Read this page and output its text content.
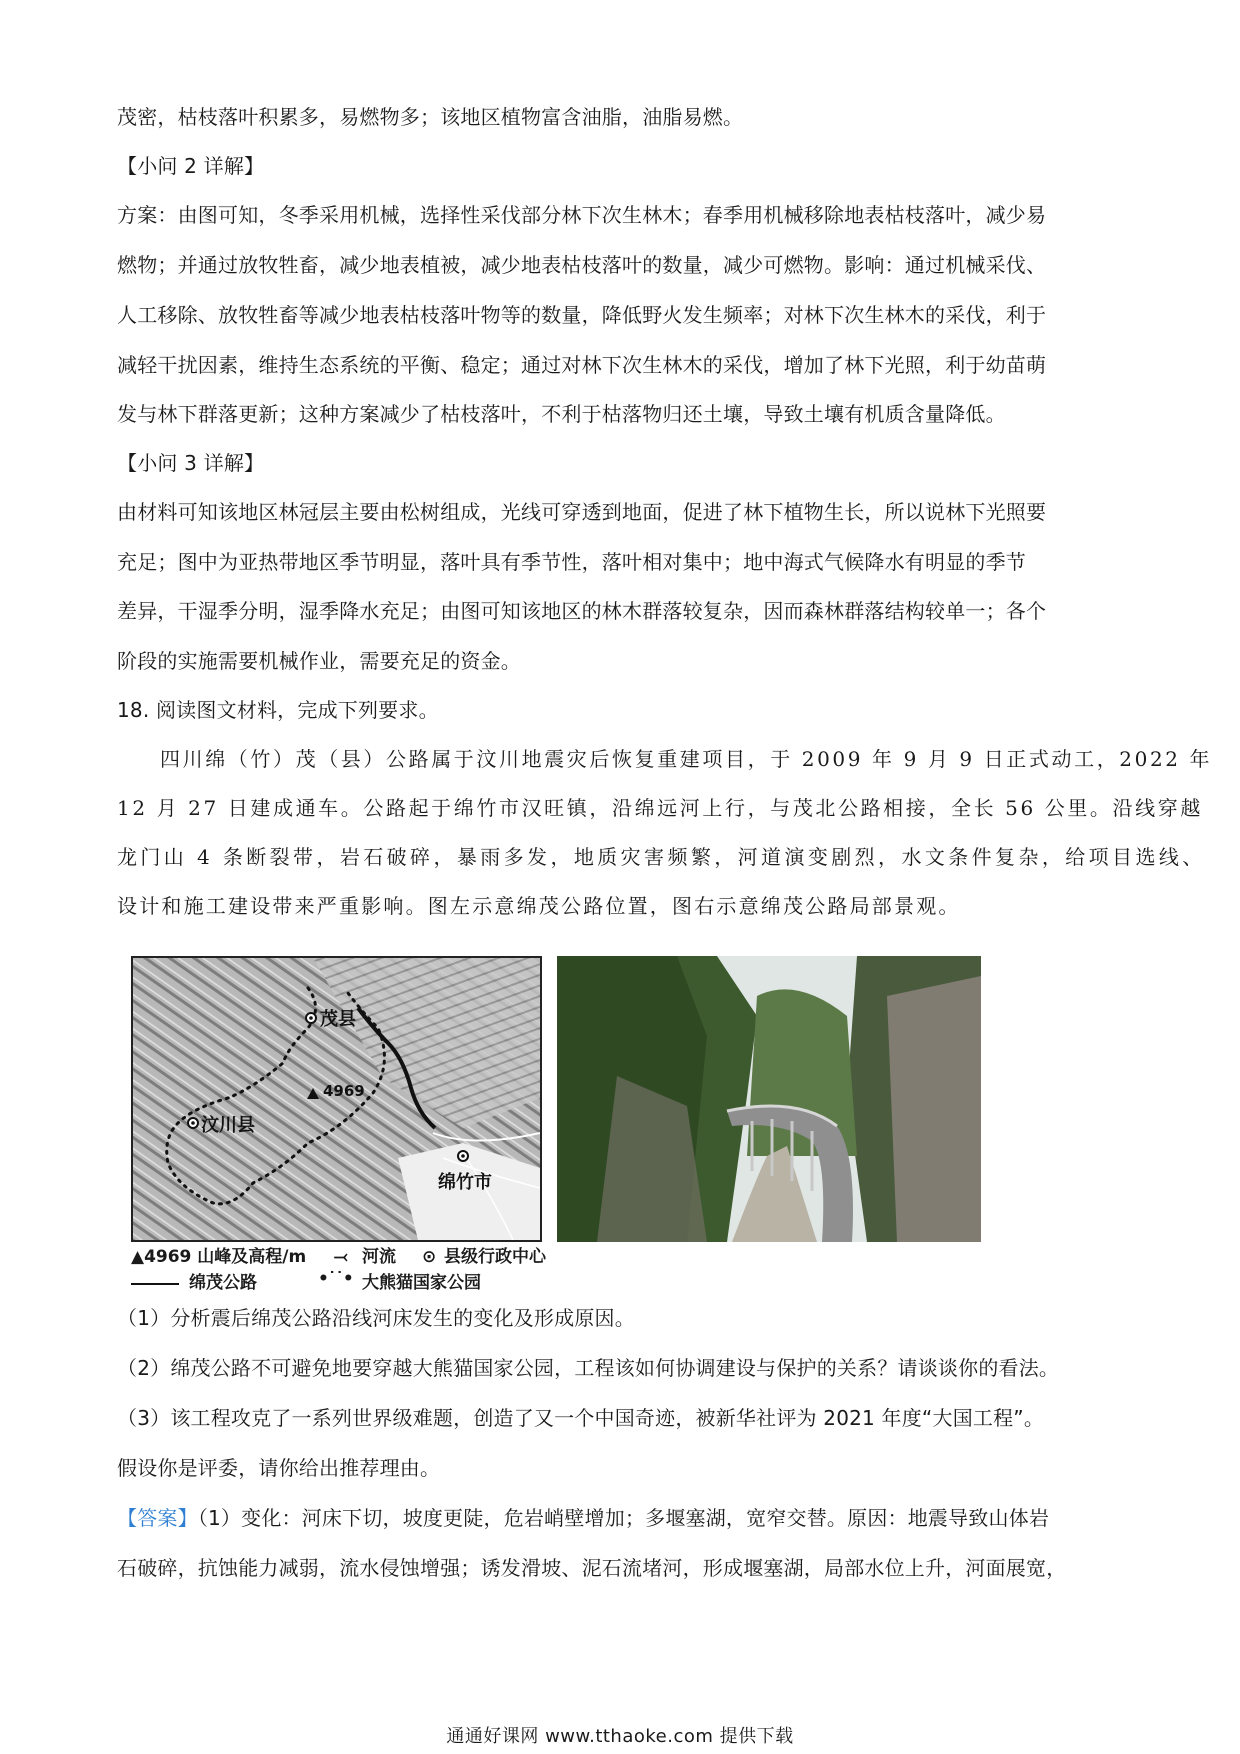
茂密，枯枝落叶积累多，易燃物多；该地区植物富含油脂，油脂易燃。
【小问 2 详解】
方案：由图可知，冬季采用机械，选择性采伐部分林下次生林木；春季用机械移除地表枯枝落叶，减少易
燃物；并通过放牧牲畜，减少地表植被，减少地表枯枝落叶的数量，减少可燃物。影响：通过机械采伐、
人工移除、放牧牲畜等减少地表枯枝落叶物等的数量，降低野火发生频率；对林下次生林木的采伐，利于
减轻干扰因素，维持生态系统的平衡、稳定；通过对林下次生林木的采伐，增加了林下光照，利于幼苗萌
发与林下群落更新；这种方案减少了枯枝落叶，不利于枯落物归还土壤，导致土壤有机质含量降低。
【小问 3 详解】
由材料可知该地区林冠层主要由松树组成，光线可穿透到地面，促进了林下植物生长，所以说林下光照要
充足；图中为亚热带地区季节明显，落叶具有季节性，落叶相对集中；地中海式气候降水有明显的季节
差异，干湿季分明，湿季降水充足；由图可知该地区的林木群落较复杂，因而森林群落结构较单一；各个
阶段的实施需要机械作业，需要充足的资金。
18. 阅读图文材料，完成下列要求。
四川绵（竹）茂（县）公路属于汶川地震灾后恢复重建项目，于 2009 年 9 月 9 日正式动工，2022 年
12 月 27 日建成通车。公路起于绵竹市汉旺镇，沿绵远河上行，与茂北公路相接，全长 56 公里。沿线穿越
龙门山 4 条断裂带，岩石破碎，暴雨多发，地质灾害频繁，河道演变剧烈，水文条件复杂，给项目选线、
设计和施工建设带来严重影响。图左示意绵茂公路位置，图右示意绵茂公路局部景观。
茂县
4969
汶川县
绵竹市
▲4969 山峰及高程/m ⤙ 河流 ⊙ 县级行政中心
绵茂公路	•˙˙• 大熊猫国家公园
（1）分析震后绵茂公路沿线河床发生的变化及形成原因。
（2）绵茂公路不可避免地要穿越大熊猫国家公园，工程该如何协调建设与保护的关系？请谈谈你的看法。
（3）该工程攻克了一系列世界级难题，创造了又一个中国奇迹，被新华社评为 2021 年度“大国工程”。
假设你是评委，请你给出推荐理由。
【答案】（1）变化：河床下切，坡度更陡，危岩峭壁增加；多堰塞湖，宽窄交替。原因：地震导致山体岩
石破碎，抗蚀能力减弱，流水侵蚀增强；诱发滑坡、泥石流堵河，形成堰塞湖，局部水位上升，河面展宽，
通通好课网 www.tthaoke.com 提供下载
